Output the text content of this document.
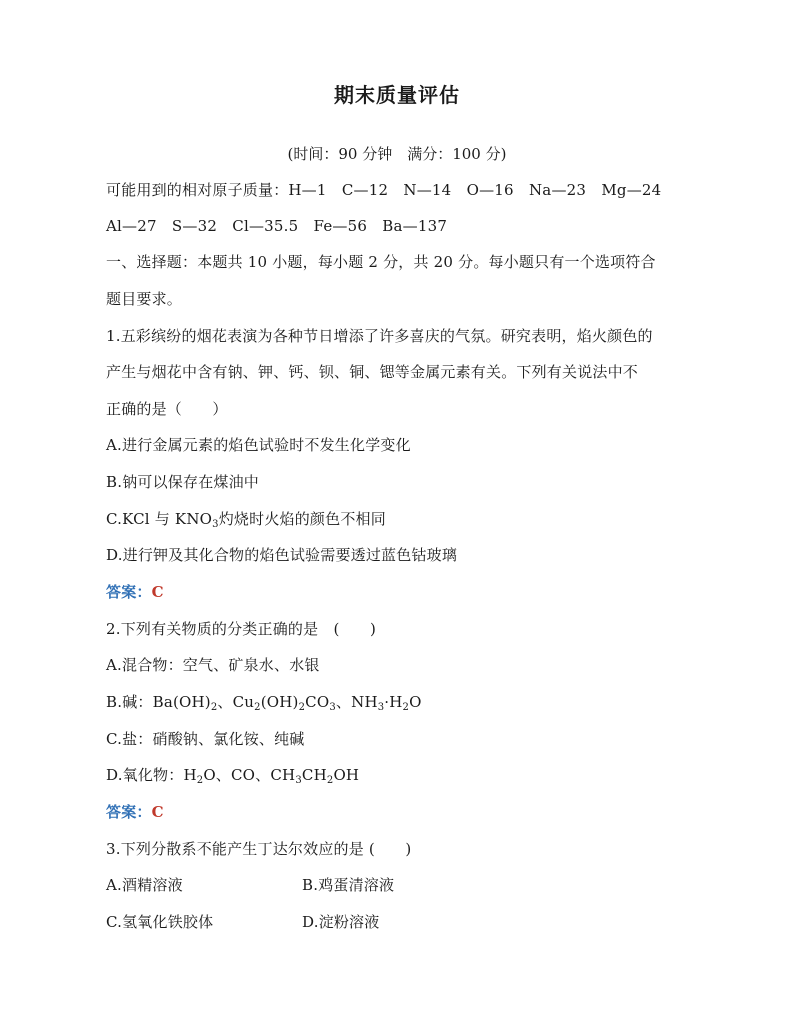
期末质量评估
(时间：90 分钟　满分：100 分)
可能用到的相对原子质量：H—1　C—12　N—14　O—16　Na—23　Mg—24
Al—27　S—32　Cl—35.5　Fe—56　Ba—137
一、选择题：本题共 10 小题，每小题 2 分，共 20 分。每小题只有一个选项符合
题目要求。
1.五彩缤纷的烟花表演为各种节日增添了许多喜庆的气氛。研究表明，焰火颜色的
产生与烟花中含有钠、钾、钙、钡、铜、锶等金属元素有关。下列有关说法中不
正确的是（　　）
A.进行金属元素的焰色试验时不发生化学变化
B.钠可以保存在煤油中
C.KCl 与 $KNO_3$灼烧时火焰的颜色不相同
D.进行钾及其化合物的焰色试验需要透过蓝色钴玻璃
答案：C
2.下列有关物质的分类正确的是　(　　)
A.混合物：空气、矿泉水、水银
B.碱：$Ba(OH)_2$、$Cu_2(OH)_2CO_3$、$NH_3\cdot H_2O$
C.盐：硝酸钠、氯化铵、纯碱
D.氧化物：$H_2O$、CO、$CH_3CH_2OH$
答案：C
3.下列分散系不能产生丁达尔效应的是 (　　)
A.酒精溶液	B.鸡蛋清溶液
C.氢氧化铁胶体	D.淀粉溶液
